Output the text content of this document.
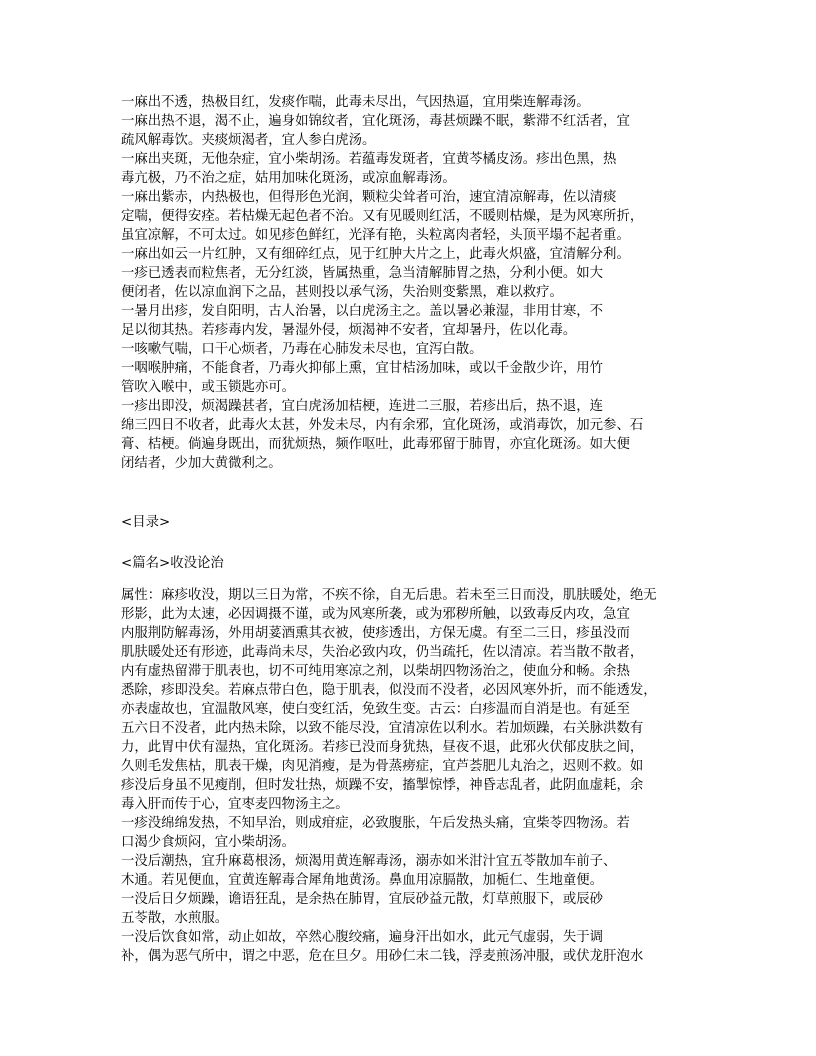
一麻出不透，热极目红，发痰作喘，此毒未尽出，气因热逼，宜用柴连解毒汤。
一麻出热不退，渴不止，遍身如锦纹者，宜化斑汤，毒甚烦躁不眠，紫滞不红活者，宜
疏风解毒饮。夹痰烦渴者，宜人参白虎汤。
一麻出夹斑，无他杂症，宜小柴胡汤。若蕴毒发斑者，宜黄芩橘皮汤。疹出色黑，热
毒亢极，乃不治之症，姑用加味化斑汤，或凉血解毒汤。
一麻出紫赤，内热极也，但得形色光润，颗粒尖耸者可治，速宜清凉解毒，佐以清痰
定喘，便得安痊。若枯燥无起色者不治。又有见暖则红活，不暖则枯燥，是为风寒所折，
虽宜凉解，不可太过。如见疹色鲜红，光泽有艳，头粒离肉者轻，头顶平塌不起者重。
一麻出如云一片红肿，又有细碎红点，见于红肿大片之上，此毒火炽盛，宜清解分利。
一疹已透表而粒焦者，无分红淡，皆属热重，急当清解肺胃之热，分利小便。如大
便闭者，佐以凉血润下之品，甚则投以承气汤，失治则变紫黑，难以救疗。
一暑月出疹，发自阳明，古人治暑，以白虎汤主之。盖以暑必兼湿，非用甘寒，不
足以彻其热。若疹毒内发，暑湿外侵，烦渴神不安者，宜却暑丹，佐以化毒。
一咳嗽气喘，口干心烦者，乃毒在心肺发未尽也，宜泻白散。
一咽喉肿痛，不能食者，乃毒火抑郁上熏，宜甘桔汤加味，或以千金散少许，用竹
管吹入喉中，或玉锁匙亦可。
一疹出即没，烦渴躁甚者，宜白虎汤加桔梗，连进二三服，若疹出后，热不退，连
绵三四日不收者，此毒火太甚，外发未尽，内有余邪，宜化斑汤，或消毒饮，加元参、石
膏、桔梗。倘遍身既出，而犹烦热，频作呕吐，此毒邪留于肺胃，亦宜化斑汤。如大便
闭结者，少加大黄微利之。
<目录>
<篇名>收没论治
属性：麻疹收没，期以三日为常，不疾不徐，自无后患。若未至三日而没，肌肤暖处，绝无
形影，此为太速，必因调摄不谨，或为风寒所袭，或为邪秽所触，以致毒反内攻，急宜
内服荆防解毒汤，外用胡荽酒熏其衣被，使疹透出，方保无虞。有至二三日，疹虽没而
肌肤暖处还有形迹，此毒尚未尽，失治必致内攻，仍当疏托，佐以清凉。若当散不散者，
内有虚热留滞于肌表也，切不可纯用寒凉之剂，以柴胡四物汤治之，使血分和畅。余热
悉除，疹即没矣。若麻点带白色，隐于肌表，似没而不没者，必因风寒外折，而不能透发，
亦表虚故也，宜温散风寒，使白变红活，免致生变。古云：白疹温而自消是也。有延至
五六日不没者，此内热未除，以致不能尽没，宜清凉佐以利水。若加烦躁，右关脉洪数有
力，此胃中伏有湿热，宜化斑汤。若疹已没而身犹热，昼夜不退，此邪火伏郁皮肤之间，
久则毛发焦枯，肌表干燥，肉见消瘦，是为骨蒸痨症，宜芦荟肥儿丸治之，迟则不救。如
疹没后身虽不见瘦削，但时发壮热，烦躁不安，搐掣惊悸，神昏志乱者，此阴血虚耗，余
毒入肝而传于心，宜枣麦四物汤主之。
一疹没绵绵发热，不知早治，则成疳症，必致腹胀，午后发热头痛，宜柴苓四物汤。若
口渴少食烦闷，宜小柴胡汤。
一没后潮热，宜升麻葛根汤，烦渴用黄连解毒汤，溺赤如米泔汁宜五苓散加车前子、
木通。若见便血，宜黄连解毒合犀角地黄汤。鼻血用凉膈散，加栀仁、生地童便。
一没后日夕烦躁，谵语狂乱，是余热在肺胃，宜辰砂益元散，灯草煎服下，或辰砂
五苓散，水煎服。
一没后饮食如常，动止如故，卒然心腹绞痛，遍身汗出如水，此元气虚弱，失于调
补，偶为恶气所中，谓之中恶，危在旦夕。用砂仁末二钱，浮麦煎汤冲服，或伏龙肝泡水
